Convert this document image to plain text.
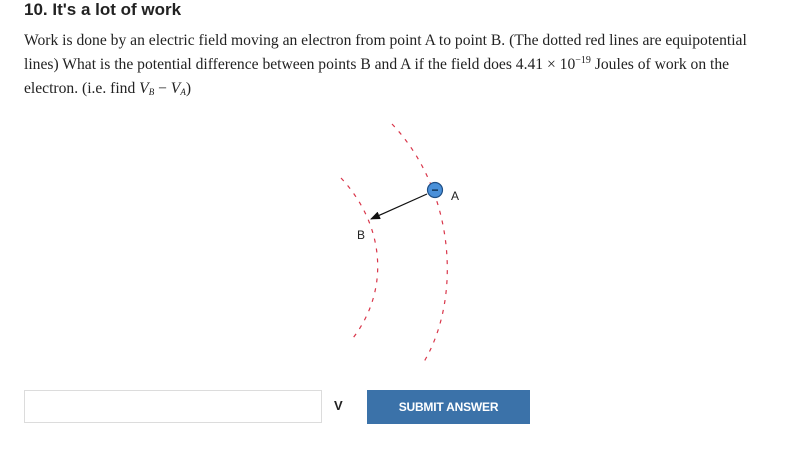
10. It's a lot of work

Work is done by an electric field moving an electron from point A to point B. (The dotted red lines are equipotential lines) What is the potential difference between points B and A if the field does $4.41 \times 10^{-19}$ Joules of work on the electron. (i.e. find $V_B - V_A$)

− A
B
V	SUBMIT ANSWER
